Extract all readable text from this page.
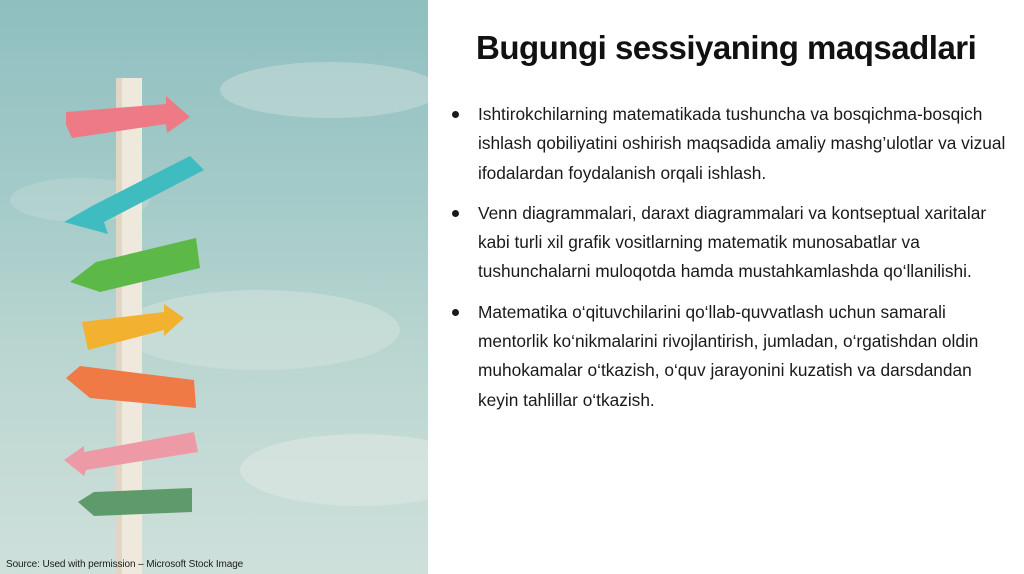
Source: Used with permission – Microsoft Stock Image
Bugungi sessiyaning maqsadlari
Ishtirokchilarning matematikada tushuncha va bosqichma-bosqich ishlash qobiliyatini oshirish maqsadida amaliy mashg’ulotlar va vizual ifodalardan foydalanish orqali ishlash.
Venn diagrammalari, daraxt diagrammalari va kontseptual xaritalar kabi turli xil grafik vositlarning matematik munosabatlar va tushunchalarni muloqotda hamda mustahkamlashda qo‘llanilishi.
Matematika o‘qituvchilarini qo‘llab-quvvatlash uchun samarali mentorlik ko‘nikmalarini rivojlantirish, jumladan, o‘rgatishdan oldin muhokamalar o‘tkazish, o‘quv jarayonini kuzatish va darsdandan keyin tahlillar o‘tkazish.
